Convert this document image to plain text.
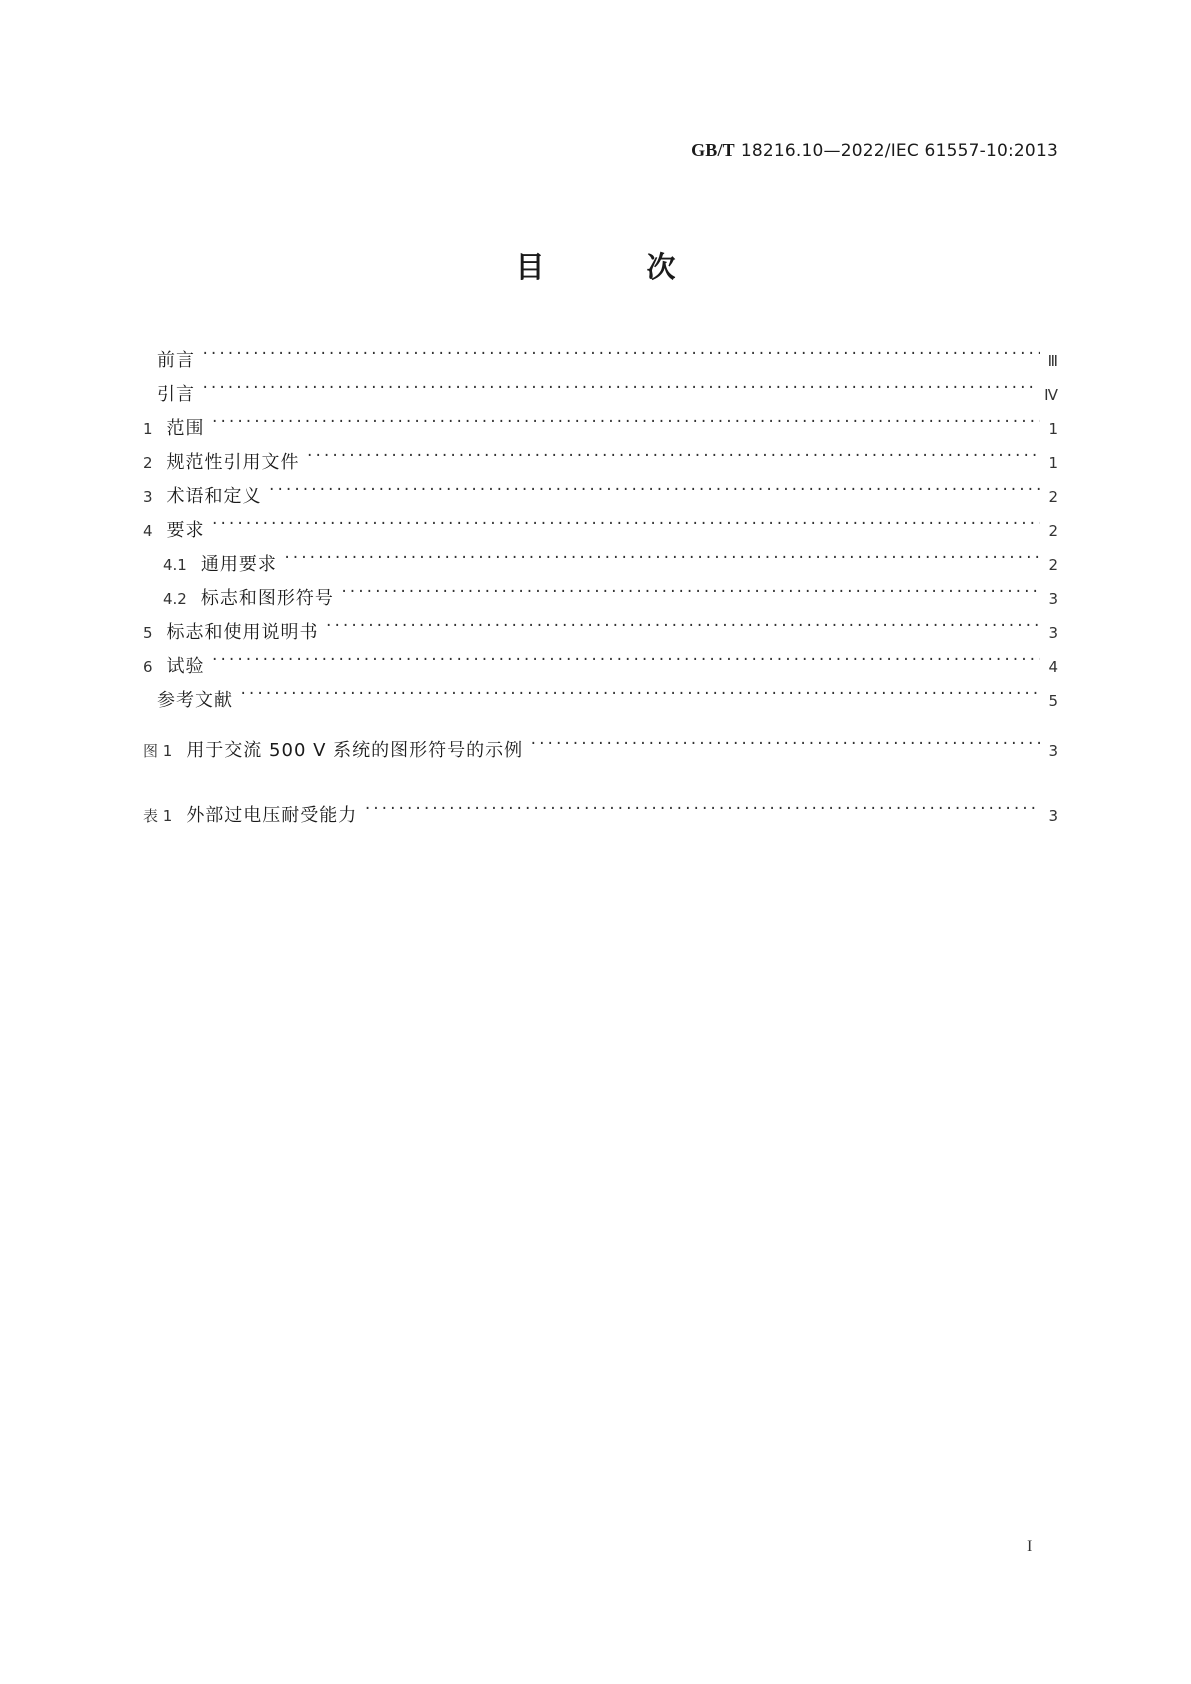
GB/T 18216.10—2022/IEC 61557-10:2013
目 次
前言 ·····	Ⅲ
引言 ·····	Ⅳ
1 范围 ·····	1
2 规范性引用文件 ·····	1
3 术语和定义 ·····	2
4 要求 ·····	2
4.1 通用要求 ·····	2
4.2 标志和图形符号 ·····	3
5 标志和使用说明书 ·····	3
6 试验 ·····	4
参考文献 ·····	5
图 1 用于交流 500 V 系统的图形符号的示例 ·····	3
表 1 外部过电压耐受能力 ·····	3
I
